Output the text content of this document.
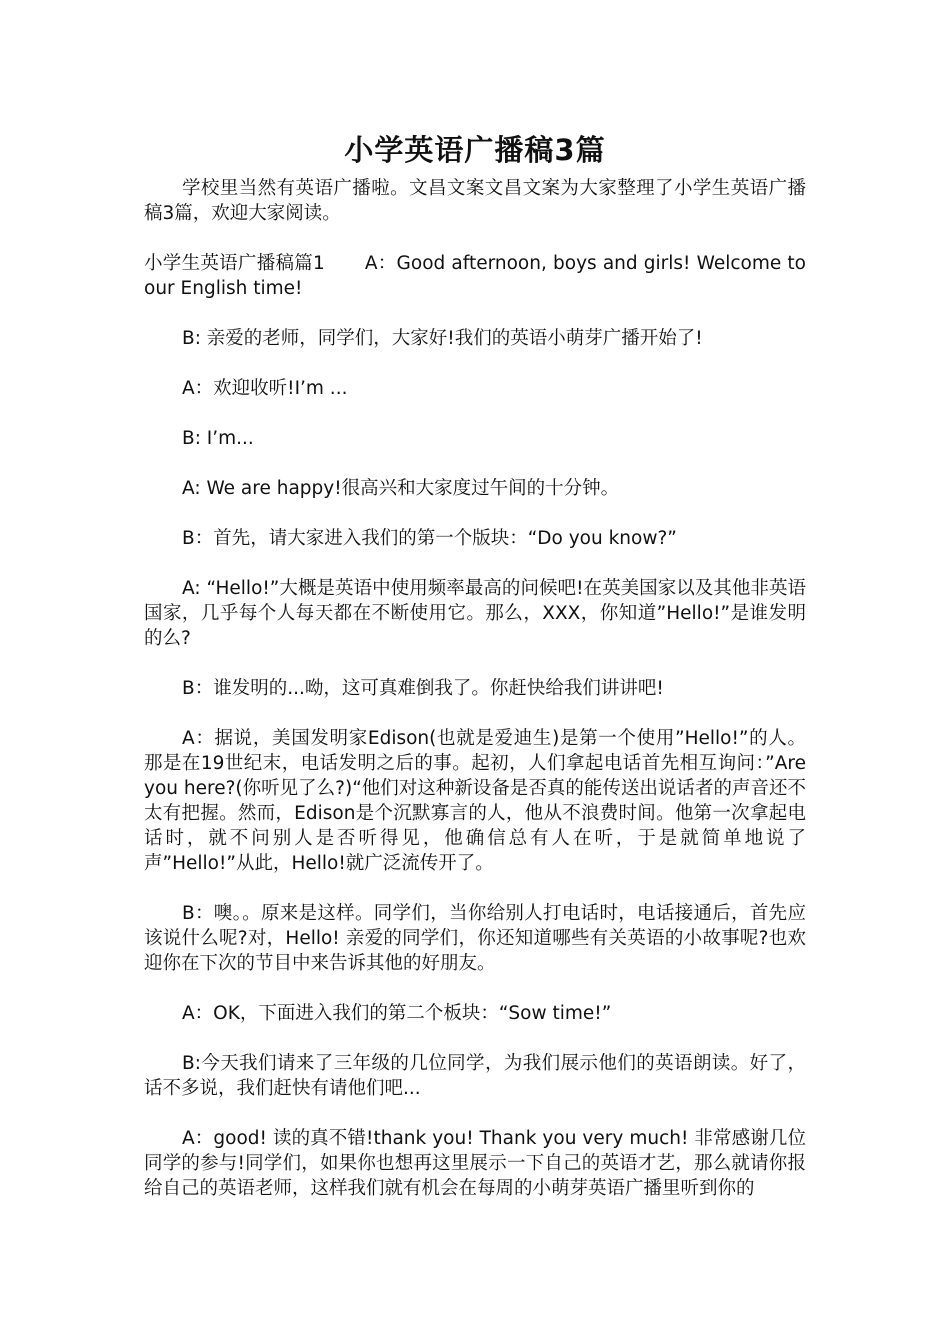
小学英语广播稿3篇

学校里当然有英语广播啦。文昌文案文昌文案为大家整理了小学生英语广播稿3篇，欢迎大家阅读。

小学生英语广播稿篇1 A：Good afternoon, boys and girls! Welcome to our English time!

B: 亲爱的老师，同学们，大家好!我们的英语小萌芽广播开始了!

A：欢迎收听!I’m ...

B: I’m...

A: We are happy!很高兴和大家度过午间的十分钟。

B：首先，请大家进入我们的第一个版块：“Do you know?”

A: “Hello!”大概是英语中使用频率最高的问候吧!在英美国家以及其他非英语国家，几乎每个人每天都在不断使用它。那么，XXX，你知道”Hello!”是谁发明的么?

B：谁发明的...呦，这可真难倒我了。你赶快给我们讲讲吧!

A：据说，美国发明家Edison(也就是爱迪生)是第一个使用”Hello!”的人。那是在19世纪末，电话发明之后的事。起初，人们拿起电话首先相互询问：”Are you here?(你听见了么?)“他们对这种新设备是否真的能传送出说话者的声音还不太有把握。然而，Edison是个沉默寡言的人，他从不浪费时间。他第一次拿起电话时，就不问别人是否听得见，他确信总有人在听，于是就简单地说了声”Hello!”从此，Hello!就广泛流传开了。

B：噢。。原来是这样。同学们，当你给别人打电话时，电话接通后，首先应该说什么呢?对，Hello! 亲爱的同学们，你还知道哪些有关英语的小故事呢?也欢迎你在下次的节目中来告诉其他的好朋友。

A：OK，下面进入我们的第二个板块：“Sow time!”

B:今天我们请来了三年级的几位同学，为我们展示他们的英语朗读。好了，话不多说，我们赶快有请他们吧...

A：good! 读的真不错!thank you! Thank you very much! 非常感谢几位同学的参与!同学们，如果你也想再这里展示一下自己的英语才艺，那么就请你报给自己的英语老师，这样我们就有机会在每周的小萌芽英语广播里听到你的
